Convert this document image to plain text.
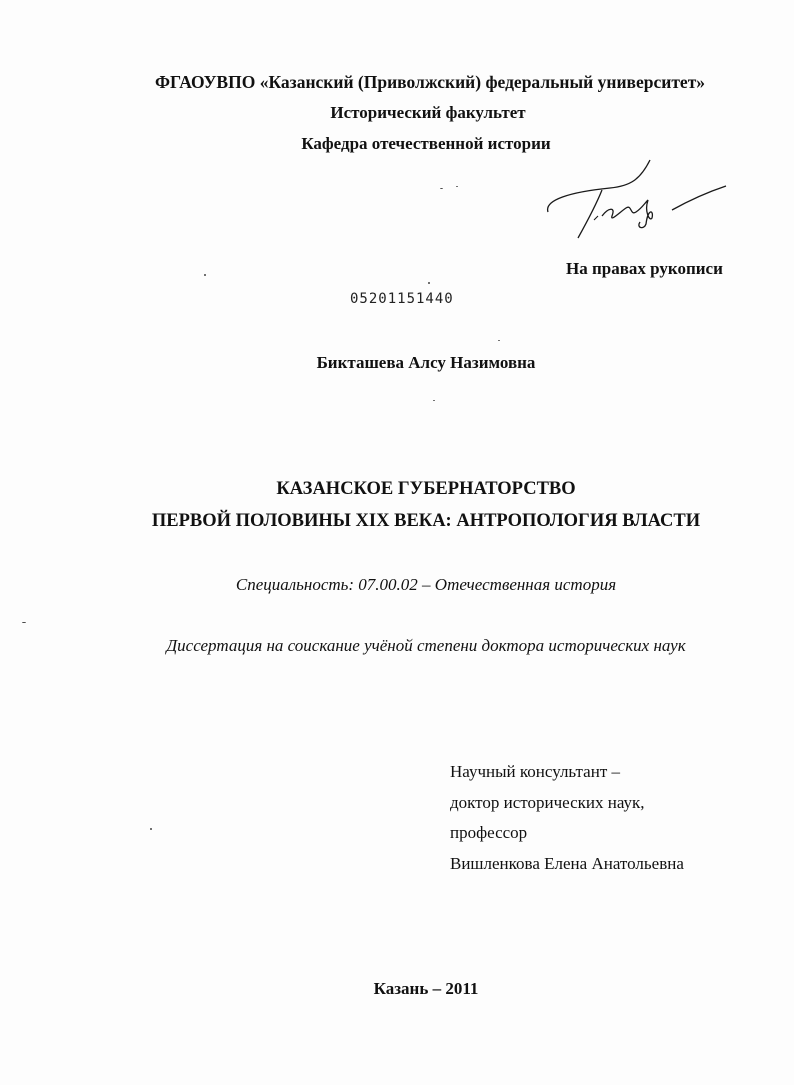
ФГАОУВПО «Казанский (Приволжский) федеральный университет»
Исторический факультет
Кафедра отечественной истории
На правах рукописи
05201151440
Бикташева Алсу Назимовна
КАЗАНСКОЕ ГУБЕРНАТОРСТВО
ПЕРВОЙ ПОЛОВИНЫ XIX ВЕКА: АНТРОПОЛОГИЯ ВЛАСТИ
Специальность: 07.00.02 – Отечественная история
Диссертация на соискание учёной степени доктора исторических наук
Научный консультант –
доктор исторических наук,
профессор
Вишленкова Елена Анатольевна
Казань – 2011
